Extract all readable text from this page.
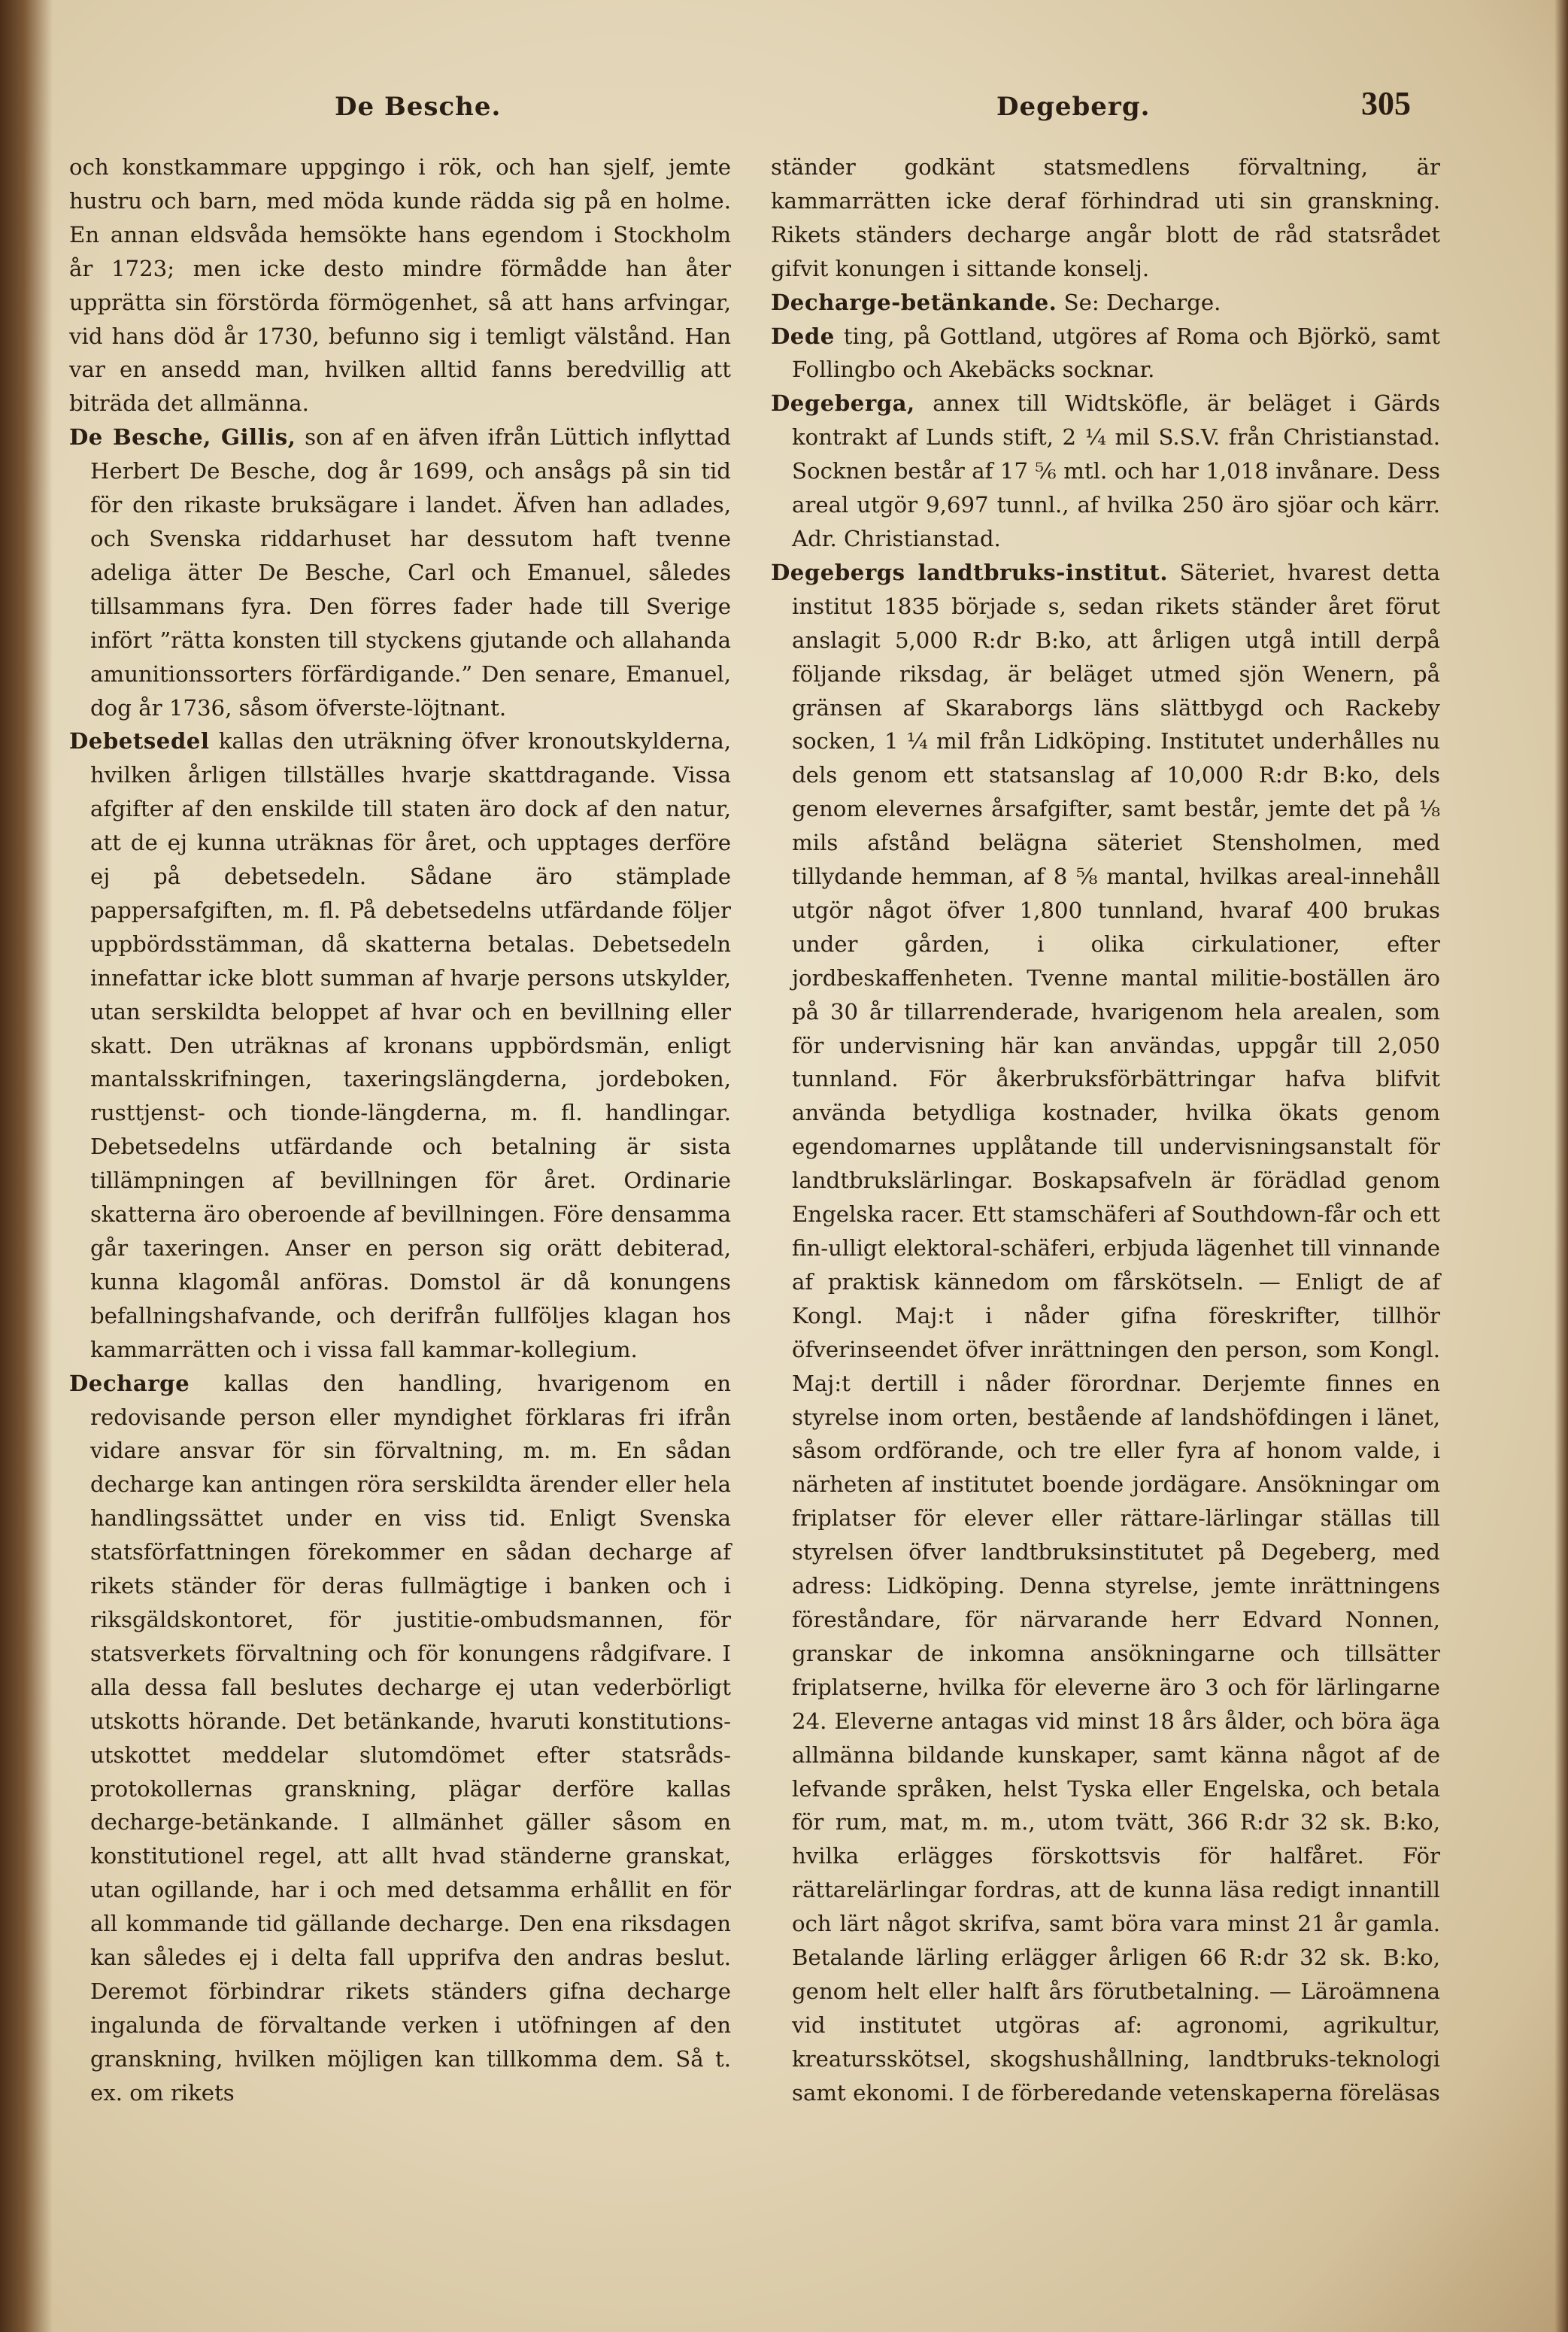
De Besche.	Degeberg.	305

och konstkammare uppgingo i rök, och han sjelf, jemte hustru och barn, med möda kunde rädda sig på en holme. En annan eldsvåda hemsökte hans egendom i Stockholm år 1723; men icke desto mindre förmådde han åter upprätta sin förstörda förmögenhet, så att hans arfvingar, vid hans död år 1730, befunno sig i temligt välstånd. Han var en ansedd man, hvilken alltid fanns beredvillig att biträda det allmänna.

De Besche, Gillis, son af en äfven ifrån Lüttich inflyttad Herbert De Besche, dog år 1699, och ansågs på sin tid för den rikaste bruksägare i landet. Äfven han adlades, och Svenska riddarhuset har dessutom haft tvenne adeliga ätter De Besche, Carl och Emanuel, således tillsammans fyra. Den förres fader hade till Sverige infört ”rätta konsten till styckens gjutande och allahanda amunitionssorters förfärdigande.” Den senare, Emanuel, dog år 1736, såsom öfverste-löjtnant.

Debetsedel kallas den uträkning öfver kronoutskylderna, hvilken årligen tillställes hvarje skattdragande. Vissa afgifter af den enskilde till staten äro dock af den natur, att de ej kunna uträknas för året, och upptages derföre ej på debetsedeln. Sådane äro stämplade pappersafgiften, m. fl. På debetsedelns utfärdande följer uppbördsstämman, då skatterna betalas. Debetsedeln innefattar icke blott summan af hvarje persons utskylder, utan serskildta beloppet af hvar och en bevillning eller skatt. Den uträknas af kronans uppbördsmän, enligt mantalsskrifningen, taxeringslängderna, jordeboken, rusttjenst- och tionde-längderna, m. fl. handlingar. Debetsedelns utfärdande och betalning är sista tillämpningen af bevillningen för året. Ordinarie skatterna äro oberoende af bevillningen. Före densamma går taxeringen. Anser en person sig orätt debiterad, kunna klagomål anföras. Domstol är då konungens befallningshafvande, och derifrån fullföljes klagan hos kammarrätten och i vissa fall kammar-kollegium.

Decharge kallas den handling, hvarigenom en redovisande person eller myndighet förklaras fri ifrån vidare ansvar för sin förvaltning, m. m. En sådan decharge kan antingen röra serskildta ärender eller hela handlingssättet under en viss tid. Enligt Svenska statsförfattningen förekommer en sådan decharge af rikets ständer för deras fullmägtige i banken och i riksgäldskontoret, för justitie-ombudsmannen, för statsverkets förvaltning och för konungens rådgifvare. I alla dessa fall beslutes decharge ej utan vederbörligt utskotts hörande. Det betänkande, hvaruti konstitutions-utskottet meddelar slutomdömet efter statsråds-protokollernas granskning, plägar derföre kallas decharge-betänkande. I allmänhet gäller såsom en konstitutionel regel, att allt hvad ständerne granskat, utan ogillande, har i och med detsamma erhållit en för all kommande tid gällande decharge. Den ena riksdagen kan således ej i delta fall upprifva den andras beslut. Deremot förbindrar rikets ständers gifna decharge ingalunda de förvaltande verken i utöfningen af den granskning, hvilken möjligen kan tillkomma dem. Så t. ex. om rikets

ständer godkänt statsmedlens förvaltning, är kammarrätten icke deraf förhindrad uti sin granskning. Rikets ständers decharge angår blott de råd statsrådet gifvit konungen i sittande konselj.

Decharge-betänkande. Se: Decharge.

Dede ting, på Gottland, utgöres af Roma och Björkö, samt Follingbo och Akebäcks socknar.

Degeberga, annex till Widtsköfle, är beläget i Gärds kontrakt af Lunds stift, 2 ¼ mil S.S.V. från Christianstad. Socknen består af 17 ⅚ mtl. och har 1,018 invånare. Dess areal utgör 9,697 tunnl., af hvilka 250 äro sjöar och kärr. Adr. Christianstad.

Degebergs landtbruks-institut. Säteriet, hvarest detta institut 1835 började s, sedan rikets ständer året förut anslagit 5,000 R:dr B:ko, att årligen utgå intill derpå följande riksdag, är beläget utmed sjön Wenern, på gränsen af Skaraborgs läns slättbygd och Rackeby socken, 1 ¼ mil från Lidköping. Institutet underhålles nu dels genom ett statsanslag af 10,000 R:dr B:ko, dels genom elevernes årsafgifter, samt består, jemte det på ⅛ mils afstånd belägna säteriet Stensholmen, med tillydande hemman, af 8 ⅝ mantal, hvilkas areal-innehåll utgör något öfver 1,800 tunnland, hvaraf 400 brukas under gården, i olika cirkulationer, efter jordbeskaffenheten. Tvenne mantal militie-boställen äro på 30 år tillarrenderade, hvarigenom hela arealen, som för undervisning här kan användas, uppgår till 2,050 tunnland. För åkerbruksförbättringar hafva blifvit använda betydliga kostnader, hvilka ökats genom egendomarnes upplåtande till undervisningsanstalt för landtbrukslärlingar. Boskapsafveln är förädlad genom Engelska racer. Ett stamschäferi af Southdown-får och ett fin-ulligt elektoral-schäferi, erbjuda lägenhet till vinnande af praktisk kännedom om fårskötseln. — Enligt de af Kongl. Maj:t i nåder gifna föreskrifter, tillhör öfverinseendet öfver inrättningen den person, som Kongl. Maj:t dertill i nåder förordnar. Derjemte finnes en styrelse inom orten, bestående af landshöfdingen i länet, såsom ordförande, och tre eller fyra af honom valde, i närheten af institutet boende jordägare. Ansökningar om friplatser för elever eller rättare-lärlingar ställas till styrelsen öfver landtbruksinstitutet på Degeberg, med adress: Lidköping. Denna styrelse, jemte inrättningens föreståndare, för närvarande herr Edvard Nonnen, granskar de inkomna ansökningarne och tillsätter friplatserne, hvilka för eleverne äro 3 och för lärlingarne 24. Eleverne antagas vid minst 18 års ålder, och böra äga allmänna bildande kunskaper, samt känna något af de lefvande språken, helst Tyska eller Engelska, och betala för rum, mat, m. m., utom tvätt, 366 R:dr 32 sk. B:ko, hvilka erlägges förskottsvis för halfåret. För rättarelärlingar fordras, att de kunna läsa redigt innantill och lärt något skrifva, samt böra vara minst 21 år gamla. Betalande lärling erlägger årligen 66 R:dr 32 sk. B:ko, genom helt eller halft års förutbetalning. — Läroämnena vid institutet utgöras af: agronomi, agrikultur, kreatursskötsel, skogshushållning, landtbruks-teknologi samt ekonomi. I de förberedande vetenskaperna föreläsas
